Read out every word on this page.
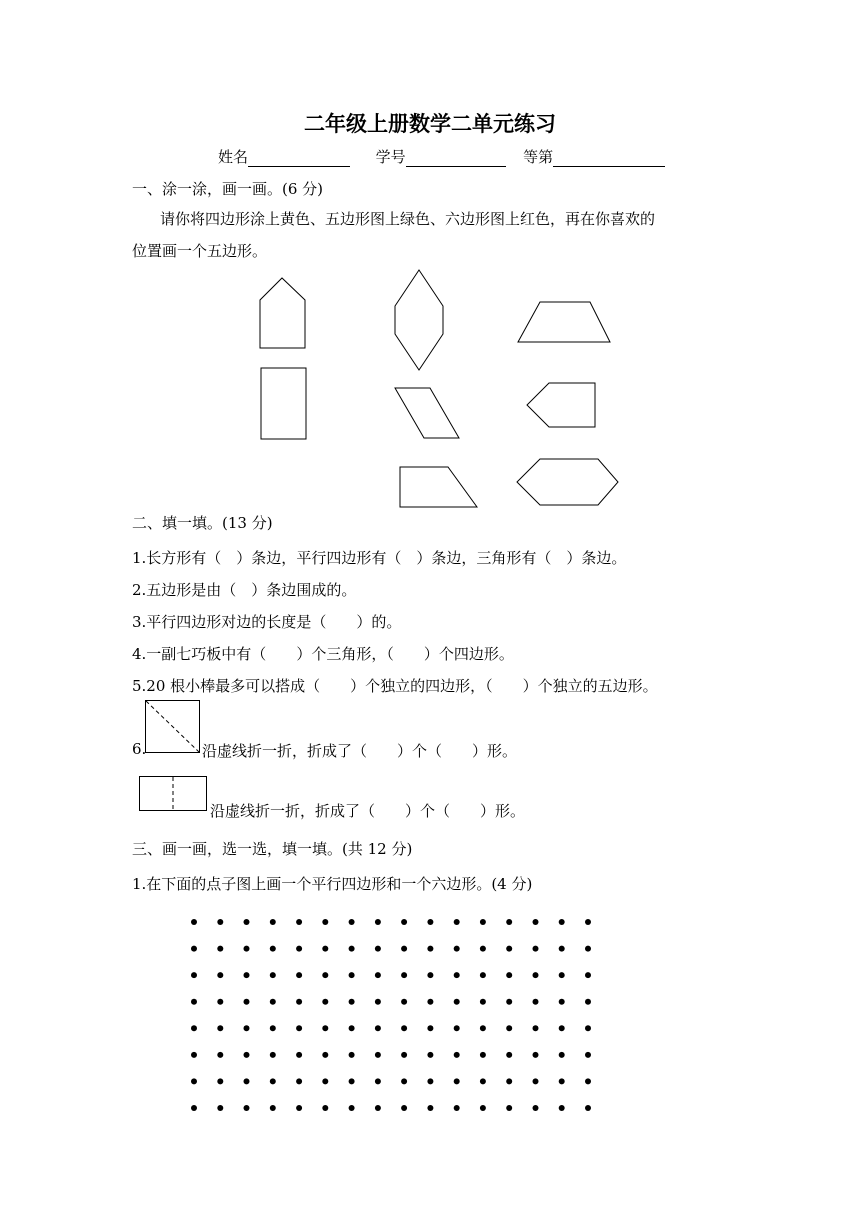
二年级上册数学二单元练习
姓名	学号	等第
一、涂一涂，画一画。(6 分)
请你将四边形涂上黄色、五边形图上绿色、六边形图上红色，再在你喜欢的
位置画一个五边形。
二、填一填。(13 分)
1.长方形有（　）条边，平行四边形有（　）条边，三角形有（　）条边。
2.五边形是由（　）条边围成的。
3.平行四边形对边的长度是（　　）的。
4.一副七巧板中有（　　）个三角形，（　　）个四边形。
5.20 根小棒最多可以搭成（　　）个独立的四边形，（　　）个独立的五边形。
6.	沿虚线折一折，折成了（　　）个（　　）形。
沿虚线折一折，折成了（　　）个（　　）形。
三、画一画，选一选，填一填。(共 12 分)
1.在下面的点子图上画一个平行四边形和一个六边形。(4 分)
